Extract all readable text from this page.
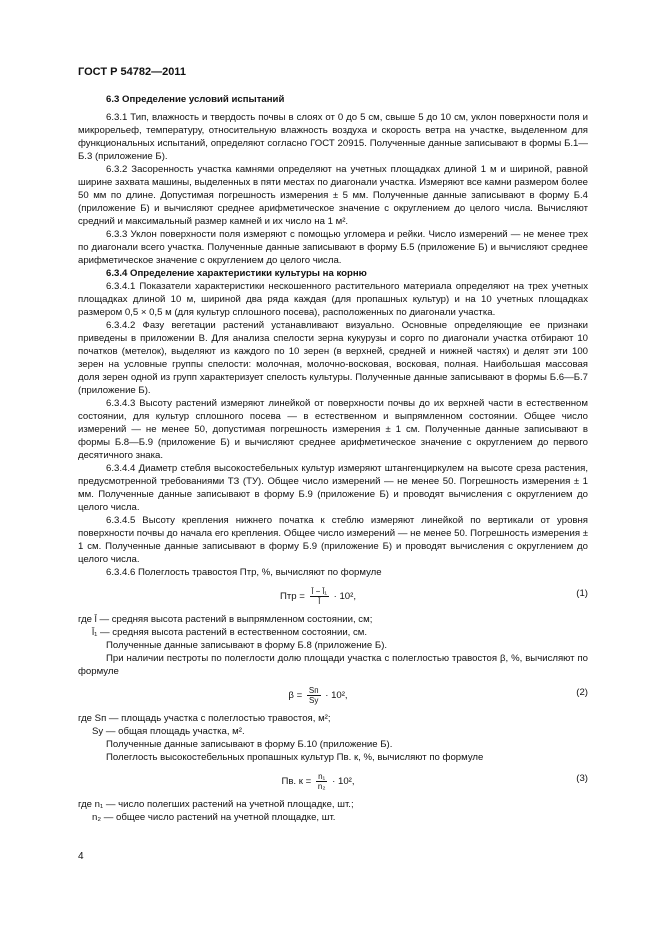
ГОСТ Р 54782—2011

6.3 Определение условий испытаний

6.3.1 Тип, влажность и твердость почвы в слоях от 0 до 5 см, свыше 5 до 10 см, уклон поверхности поля и микрорельеф, температуру, относительную влажность воздуха и скорость ветра на участке, выделенном для функциональных испытаний, определяют согласно ГОСТ 20915. Полученные данные записывают в формы Б.1—Б.3 (приложение Б).

6.3.2 Засоренность участка камнями определяют на учетных площадках длиной 1 м и шириной, равной ширине захвата машины, выделенных в пяти местах по диагонали участка. Измеряют все камни размером более 50 мм по длине. Допустимая погрешность измерения ± 5 мм. Полученные данные записывают в форму Б.4 (приложение Б) и вычисляют среднее арифметическое значение с округлением до целого числа. Вычисляют средний и максимальный размер камней и их число на 1 м².

6.3.3 Уклон поверхности поля измеряют с помощью угломера и рейки. Число измерений — не менее трех по диагонали всего участка. Полученные данные записывают в форму Б.5 (приложение Б) и вычисляют среднее арифметическое значение с округлением до целого числа.

6.3.4 Определение характеристики культуры на корню

6.3.4.1 Показатели характеристики нескошенного растительного материала определяют на трех учетных площадках длиной 10 м, шириной два ряда каждая (для пропашных культур) и на 10 учетных площадках размером 0,5 × 0,5 м (для культур сплошного посева), расположенных по диагонали участка.

6.3.4.2 Фазу вегетации растений устанавливают визуально. Основные определяющие ее признаки приведены в приложении В. Для анализа спелости зерна кукурузы и сорго по диагонали участка отбирают 10 початков (метелок), выделяют из каждого по 10 зерен (в верхней, средней и нижней частях) и делят эти 100 зерен на условные группы спелости: молочная, молочно-восковая, восковая, полная. Наибольшая массовая доля зерен одной из групп характеризует спелость культуры. Полученные данные записывают в формы Б.6—Б.7 (приложение Б).

6.3.4.3 Высоту растений измеряют линейкой от поверхности почвы до их верхней части в естественном состоянии, для культур сплошного посева — в естественном и выпрямленном состоянии. Общее число измерений — не менее 50, допустимая погрешность измерения ± 1 см. Полученные данные записывают в формы Б.8—Б.9 (приложение Б) и вычисляют среднее арифметическое значение с округлением до первого десятичного знака.

6.3.4.4 Диаметр стебля высокостебельных культур измеряют штангенциркулем на высоте среза растения, предусмотренной требованиями ТЗ (ТУ). Общее число измерений — не менее 50. Погрешность измерения ± 1 мм. Полученные данные записывают в форму Б.9 (приложение Б) и проводят вычисления с округлением до целого числа.

6.3.4.5 Высоту крепления нижнего початка к стеблю измеряют линейкой по вертикали от уровня поверхности почвы до начала его крепления. Общее число измерений — не менее 50. Погрешность измерения ± 1 см. Полученные данные записывают в форму Б.9 (приложение Б) и проводят вычисления с округлением до целого числа.

6.3.4.6 Полеглость травостоя Птр, %, вычисляют по формуле

Птр = $\frac{\text{l̄ − l̄₁}}{l̄} \cdot 10^2$,	(1)

где l̄ — средняя высота растений в выпрямленном состоянии, см;

l̄₁ — средняя высота растений в естественном состоянии, см.

Полученные данные записывают в форму Б.8 (приложение Б).

При наличии пестроты по полеглости долю площади участка с полеглостью травостоя β, %, вычисляют по формуле

$\beta = \frac{Sп}{Sу} \cdot 10^2$,	(2)

где Sп — площадь участка с полеглостью травостоя, м²;

Sу — общая площадь участка, м².

Полученные данные записывают в форму Б.10 (приложение Б).

Полеглость высокостебельных пропашных культур Пв. к, %, вычисляют по формуле

Пв. $к = \frac{\text{n₁}}{\text{n₂}} \cdot 10^2$,	(3)

где n₁ — число полегших растений на учетной площадке, шт.;

n₂ — общее число растений на учетной площадке, шт.

4
